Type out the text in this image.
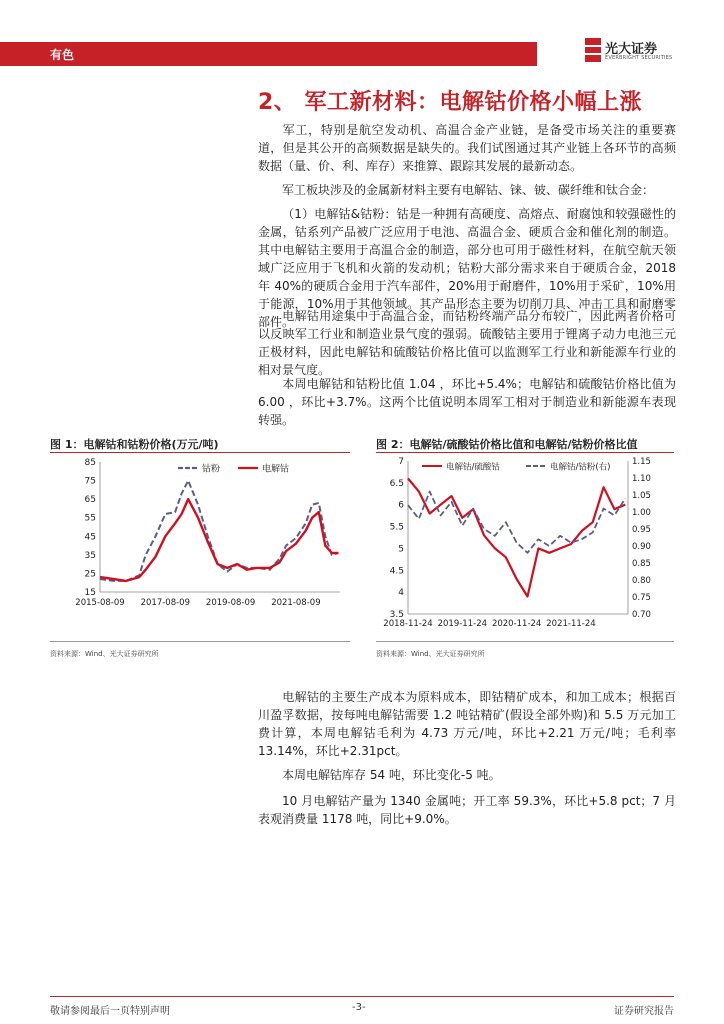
有色	光大证券
EVERBRIGHT SECURITIES
2、 军工新材料：电解钴价格小幅上涨
军工，特别是航空发动机、高温合金产业链，是备受市场关注的重要赛道，但是其公开的高频数据是缺失的。我们试图通过其产业链上各环节的高频数据（量、价、利、库存）来推算、跟踪其发展的最新动态。
军工板块涉及的金属新材料主要有电解钴、铼、铍、碳纤维和钛合金：
（1）电解钴&钴粉：钴是一种拥有高硬度、高熔点、耐腐蚀和较强磁性的金属，钴系列产品被广泛应用于电池、高温合金、硬质合金和催化剂的制造。其中电解钴主要用于高温合金的制造，部分也可用于磁性材料，在航空航天领域广泛应用于飞机和火箭的发动机；钴粉大部分需求来自于硬质合金，2018 年 40%的硬质合金用于汽车部件，20%用于耐磨件，10%用于采矿，10%用于能源，10%用于其他领域。其产品形态主要为切削刀具、冲击工具和耐磨零部件。
电解钴用途集中于高温合金，而钴粉终端产品分布较广，因此两者价格可以反映军工行业和制造业景气度的强弱。硫酸钴主要用于锂离子动力电池三元正极材料，因此电解钴和硫酸钴价格比值可以监测军工行业和新能源车行业的相对景气度。
本周电解钴和钴粉比值 1.04 ，环比+5.4%；电解钴和硫酸钴价格比值为 6.00 ，环比+3.7%。这两个比值说明本周军工相对于制造业和新能源车表现转强。
图 1：电解钴和钴粉价格(万元/吨)
85
75
65
55
45
35
25
15
2015-08-09 2017-08-09 2019-08-09 2021-08-09
钴粉	电解钴
资料来源：Wind、光大证券研究所
图 2：电解钴/硫酸钴价格比值和电解钴/钴粉价格比值
7
6.5
6
5.5
5
4.5
4
3.5
1.15
1.10
1.05
1.00
0.95
0.90
0.85
0.80
0.75
0.70
2018-11-24 2019-11-24 2020-11-24 2021-11-24
电解钴/硫酸钴	电解钴/钴粉(右)
资料来源：Wind、光大证券研究所
电解钴的主要生产成本为原料成本，即钴精矿成本，和加工成本；根据百川盈孚数据，按每吨电解钴需要 1.2 吨钴精矿(假设全部外购)和 5.5 万元加工费计算，本周电解钴毛利为 4.73 万元/吨，环比+2.21 万元/吨；毛利率 13.14%，环比+2.31pct。
本周电解钴库存 54 吨，环比变化-5 吨。
10 月电解钴产量为 1340 金属吨；开工率 59.3%，环比+5.8 pct；7 月表观消费量 1178 吨，同比+9.0%。
敬请参阅最后一页特别声明	-3-	证券研究报告
